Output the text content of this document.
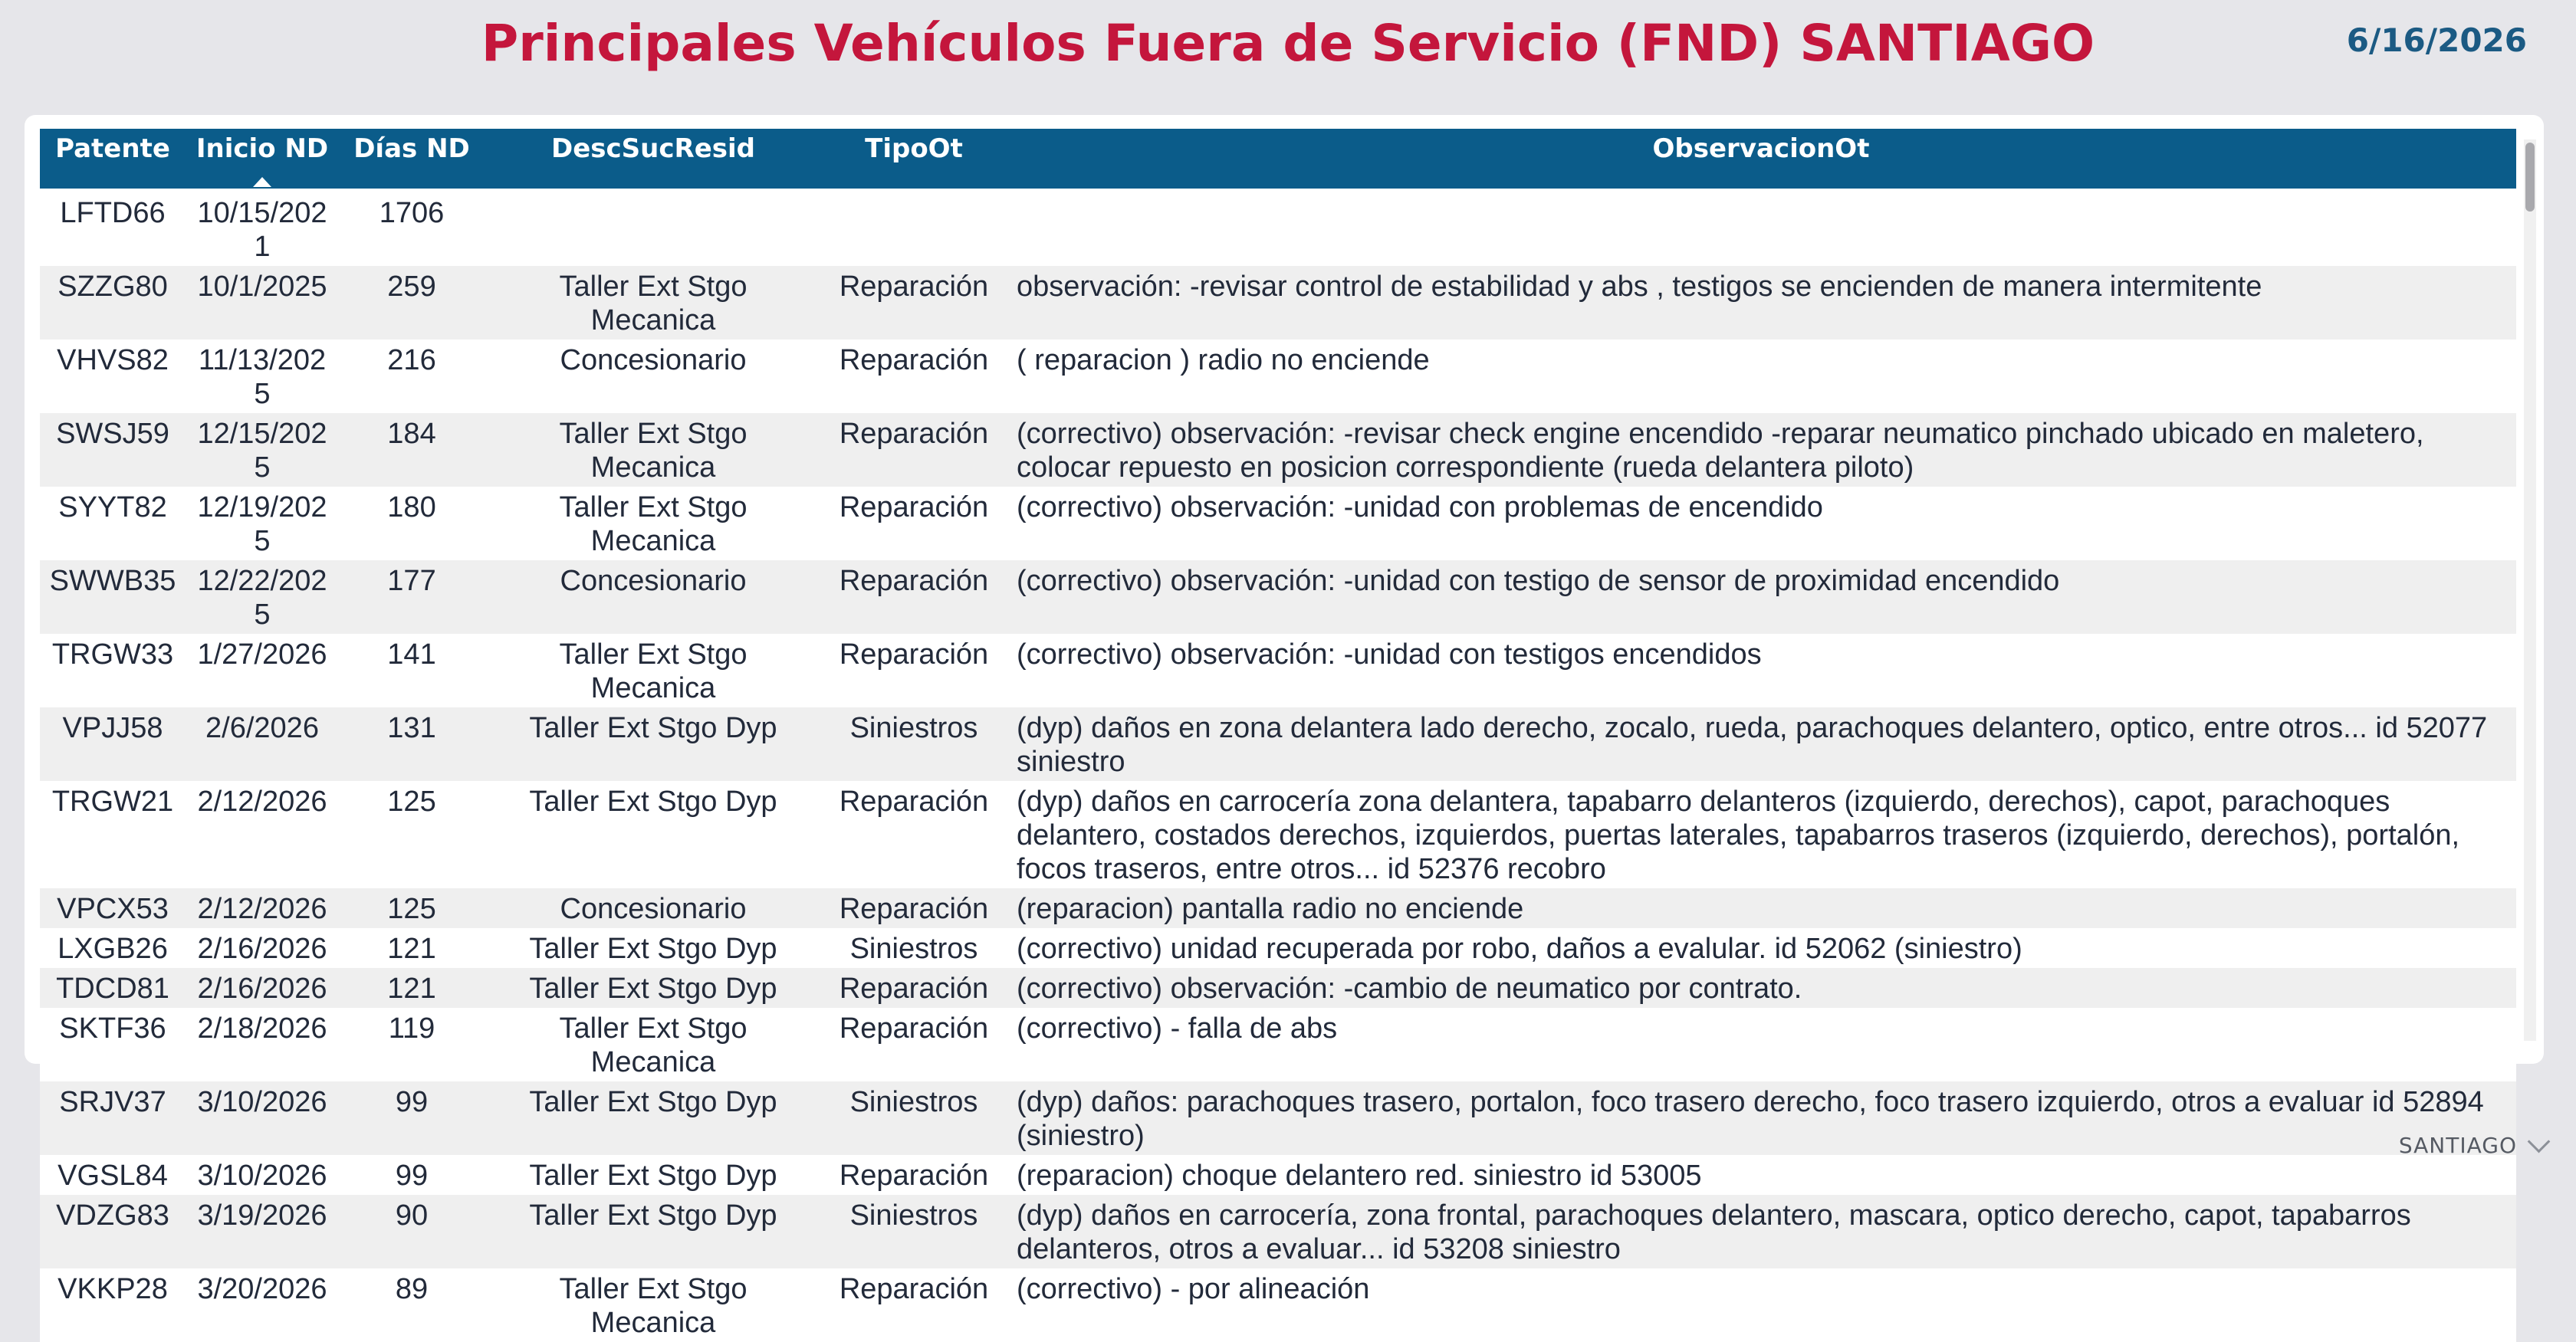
Principales Vehículos Fuera de Servicio (FND) SANTIAGO	6/16/2026
Patente	Inicio ND	Días ND	DescSucResid	TipoOt	ObservacionOt
LFTD66	10/15/2021	1706			
SZZG80	10/1/2025	259	Taller Ext Stgo Mecanica	Reparación	observación: -revisar control de estabilidad y abs , testigos se encienden de manera intermitente
VHVS82	11/13/2025	216	Concesionario	Reparación	( reparacion ) radio no enciende
SWSJ59	12/15/2025	184	Taller Ext Stgo Mecanica	Reparación	(correctivo) observación: -revisar check engine encendido -reparar neumatico pinchado ubicado en maletero, colocar repuesto en posicion correspondiente (rueda delantera piloto)
SYYT82	12/19/2025	180	Taller Ext Stgo Mecanica	Reparación	(correctivo) observación: -unidad con problemas de encendido
SWWB35	12/22/2025	177	Concesionario	Reparación	(correctivo) observación: -unidad con testigo de sensor de proximidad encendido
TRGW33	1/27/2026	141	Taller Ext Stgo Mecanica	Reparación	(correctivo) observación: -unidad con testigos encendidos
VPJJ58	2/6/2026	131	Taller Ext Stgo Dyp	Siniestros	(dyp) daños en zona delantera lado derecho, zocalo, rueda, parachoques delantero, optico, entre otros... id 52077 siniestro
TRGW21	2/12/2026	125	Taller Ext Stgo Dyp	Reparación	(dyp) daños en carrocería zona delantera, tapabarro delanteros (izquierdo, derechos), capot, parachoques delantero, costados derechos, izquierdos, puertas laterales, tapabarros traseros (izquierdo, derechos), portalón, focos traseros, entre otros... id 52376 recobro
VPCX53	2/12/2026	125	Concesionario	Reparación	(reparacion) pantalla radio no enciende
LXGB26	2/16/2026	121	Taller Ext Stgo Dyp	Siniestros	(correctivo) unidad recuperada por robo, daños a evalular. id 52062 (siniestro)
TDCD81	2/16/2026	121	Taller Ext Stgo Dyp	Reparación	(correctivo) observación: -cambio de neumatico por contrato.
SKTF36	2/18/2026	119	Taller Ext Stgo Mecanica	Reparación	(correctivo) - falla de abs
SRJV37	3/10/2026	99	Taller Ext Stgo Dyp	Siniestros	(dyp) daños: parachoques trasero, portalon, foco trasero derecho, foco trasero izquierdo, otros a evaluar id 52894 (siniestro)
VGSL84	3/10/2026	99	Taller Ext Stgo Dyp	Reparación	(reparacion) choque delantero red. siniestro id 53005
VDZG83	3/19/2026	90	Taller Ext Stgo Dyp	Siniestros	(dyp) daños en carrocería, zona frontal, parachoques delantero, mascara, optico derecho, capot, tapabarros delanteros, otros a evaluar... id 53208 siniestro
VKKP28	3/20/2026	89	Taller Ext Stgo Mecanica	Reparación	(correctivo) - por alineación
SANTIAGO
